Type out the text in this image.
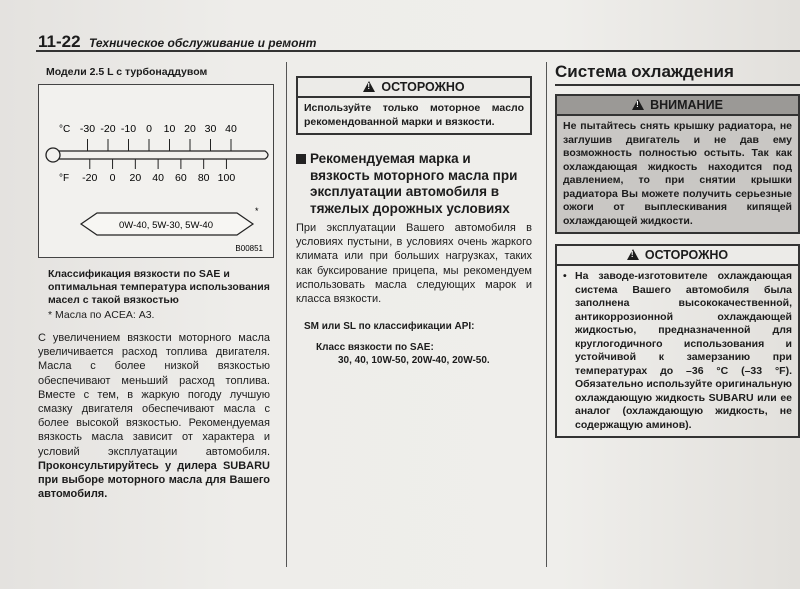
11-22 Техническое обслуживание и ремонт
Модели 2.5 L с турбонаддувом
°C
°F
-30 -20 -10 0 10 20 30 40
-20 0 20 40 60 80 100
0W-40, 5W-30, 5W-40
*
B00851
Классификация вязкости по SAE и оптимальная температура использования масел с такой вязкостью
* Масла по ACEA: А3.
С увеличением вязкости моторного масла увеличивается расход топлива двигателя. Масла с более низкой вязкостью обеспечивают меньший расход топлива. Вместе с тем, в жаркую погоду лучшую смазку двигателя обеспечивают масла с более высокой вязкостью. Рекомендуемая вязкость масла зависит от характера и условий эксплуатации автомобиля. Проконсультируйтесь у дилера SUBARU при выборе моторного масла для Вашего автомобиля.
!ОСТОРОЖНО
Используйте только моторное масло рекомендованной марки и вязкости.
Рекомендуемая марка и вязкость моторного масла при эксплуатации автомобиля в тяжелых дорожных условиях
При эксплуатации Вашего автомобиля в условиях пустыни, в условиях очень жаркого климата или при больших нагрузках, таких как буксирование прицепа, мы рекомендуем использовать масла следующих марок и класса вязкости.
SM или SL по классификации API:
Класс вязкости по SAE:
30, 40, 10W-50, 20W-40, 20W-50.
Система охлаждения
!ВНИМАНИЕ
Не пытайтесь снять крышку радиатора, не заглушив двигатель и не дав ему возможность полностью остыть. Так как охлаждающая жидкость находится под давлением, то при снятии крышки радиатора Вы можете получить серьезные ожоги от выплескивания кипящей охлаждающей жидкости.
!ОСТОРОЖНО
• На заводе-изготовителе охлаждающая система Вашего автомобиля была заполнена высококачественной, антикоррозионной охлаждающей жидкостью, предназначенной для круглогодичного использования и устойчивой к замерзанию при температурах до –36 °C (–33 °F). Обязательно используйте оригинальную охлаждающую жидкость SUBARU или ее аналог (охлаждающую жидкость, не содержащую аминов).
